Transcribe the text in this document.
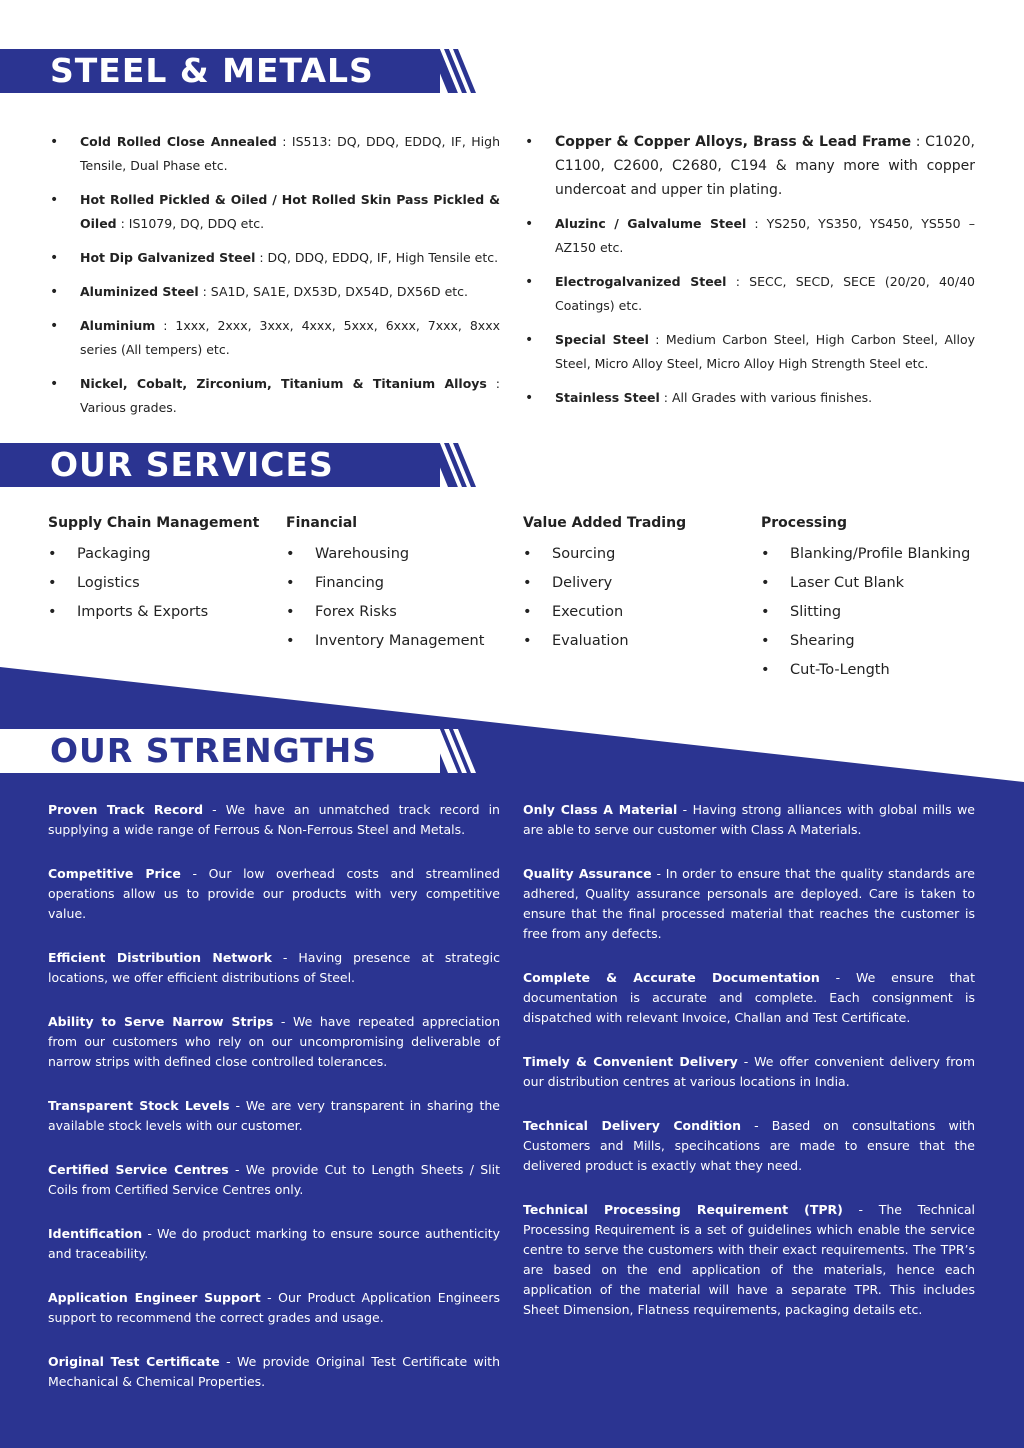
STEEL & METALS
• Cold Rolled Close Annealed : IS513: DQ, DDQ, EDDQ, IF, High Tensile, Dual Phase etc.
• Hot Rolled Pickled & Oiled / Hot Rolled Skin Pass Pickled & Oiled : IS1079, DQ, DDQ etc.
• Hot Dip Galvanized Steel : DQ, DDQ, EDDQ, IF, High Tensile etc.
• Aluminized Steel : SA1D, SA1E, DX53D, DX54D, DX56D etc.
• Aluminium : 1xxx, 2xxx, 3xxx, 4xxx, 5xxx, 6xxx, 7xxx, 8xxx series (All tempers) etc.
• Nickel, Cobalt, Zirconium, Titanium & Titanium Alloys : Various grades.
• Copper & Copper Alloys, Brass & Lead Frame : C1020, C1100, C2600, C2680, C194 & many more with copper undercoat and upper tin plating.
• Aluzinc / Galvalume Steel : YS250, YS350, YS450, YS550 – AZ150 etc.
• Electrogalvanized Steel : SECC, SECD, SECE (20/20, 40/40 Coatings) etc.
• Special Steel : Medium Carbon Steel, High Carbon Steel, Alloy Steel, Micro Alloy Steel, Micro Alloy High Strength Steel etc.
• Stainless Steel : All Grades with various finishes.
OUR SERVICES
Supply Chain Management
• Packaging
• Logistics
• Imports & Exports
Financial
• Warehousing
• Financing
• Forex Risks
• Inventory Management
Value Added Trading
• Sourcing
• Delivery
• Execution
• Evaluation
Processing
• Blanking/Profile Blanking
• Laser Cut Blank
• Slitting
• Shearing
• Cut-To-Length
OUR STRENGTHS

Proven Track Record - We have an unmatched track record in supplying a wide range of Ferrous & Non-Ferrous Steel and Metals.

Competitive Price - Our low overhead costs and streamlined operations allow us to provide our products with very competitive value.

Efficient Distribution Network - Having presence at strategic locations, we offer efficient distributions of Steel.

Ability to Serve Narrow Strips - We have repeated appreciation from our customers who rely on our uncompromising deliverable of narrow strips with defined close controlled tolerances.

Transparent Stock Levels - We are very transparent in sharing the available stock levels with our customer.

Certified Service Centres - We provide Cut to Length Sheets / Slit Coils from Certified Service Centres only.

Identification - We do product marking to ensure source authenticity and traceability.

Application Engineer Support - Our Product Application Engineers support to recommend the correct grades and usage.

Original Test Certificate - We provide Original Test Certificate with Mechanical & Chemical Properties.

Only Class A Material - Having strong alliances with global mills we are able to serve our customer with Class A Materials.

Quality Assurance - In order to ensure that the quality standards are adhered, Quality assurance personals are deployed. Care is taken to ensure that the final processed material that reaches the customer is free from any defects.

Complete & Accurate Documentation - We ensure that documentation is accurate and complete. Each consignment is dispatched with relevant Invoice, Challan and Test Certificate.

Timely & Convenient Delivery - We offer convenient delivery from our distribution centres at various locations in India.

Technical Delivery Condition - Based on consultations with Customers and Mills, specihcations are made to ensure that the delivered product is exactly what they need.

Technical Processing Requirement (TPR) - The Technical Processing Requirement is a set of guidelines which enable the service centre to serve the customers with their exact requirements. The TPR’s are based on the end application of the materials, hence each application of the material will have a separate TPR. This includes Sheet Dimension, Flatness requirements, packaging details etc.
